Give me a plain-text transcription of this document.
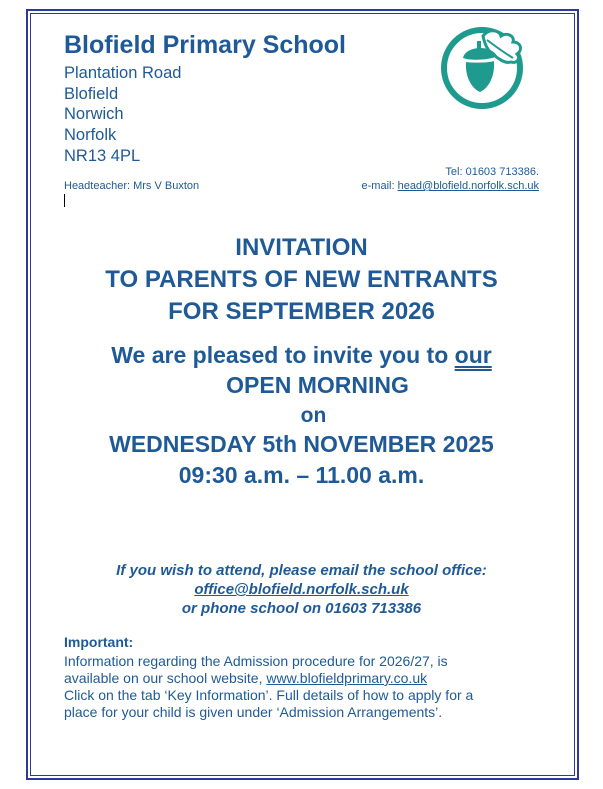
Blofield Primary School
Plantation Road
Blofield
Norwich
Norfolk
NR13 4PL
Tel: 01603 713386.
Headteacher: Mrs V Buxton	e-mail: head@blofield.norfolk.sch.uk
INVITATION
TO PARENTS OF NEW ENTRANTS
FOR SEPTEMBER 2026
We are pleased to invite you to our
OPEN MORNING
on
WEDNESDAY 5th NOVEMBER 2025
09:30 a.m. – 11.00 a.m.
If you wish to attend, please email the school office:
office@blofield.norfolk.sch.uk
or phone school on 01603 713386
Important:
Information regarding the Admission procedure for 2026/27, is
available on our school website, www.blofieldprimary.co.uk
Click on the tab ‘Key Information’. Full details of how to apply for a
place for your child is given under ‘Admission Arrangements’.
